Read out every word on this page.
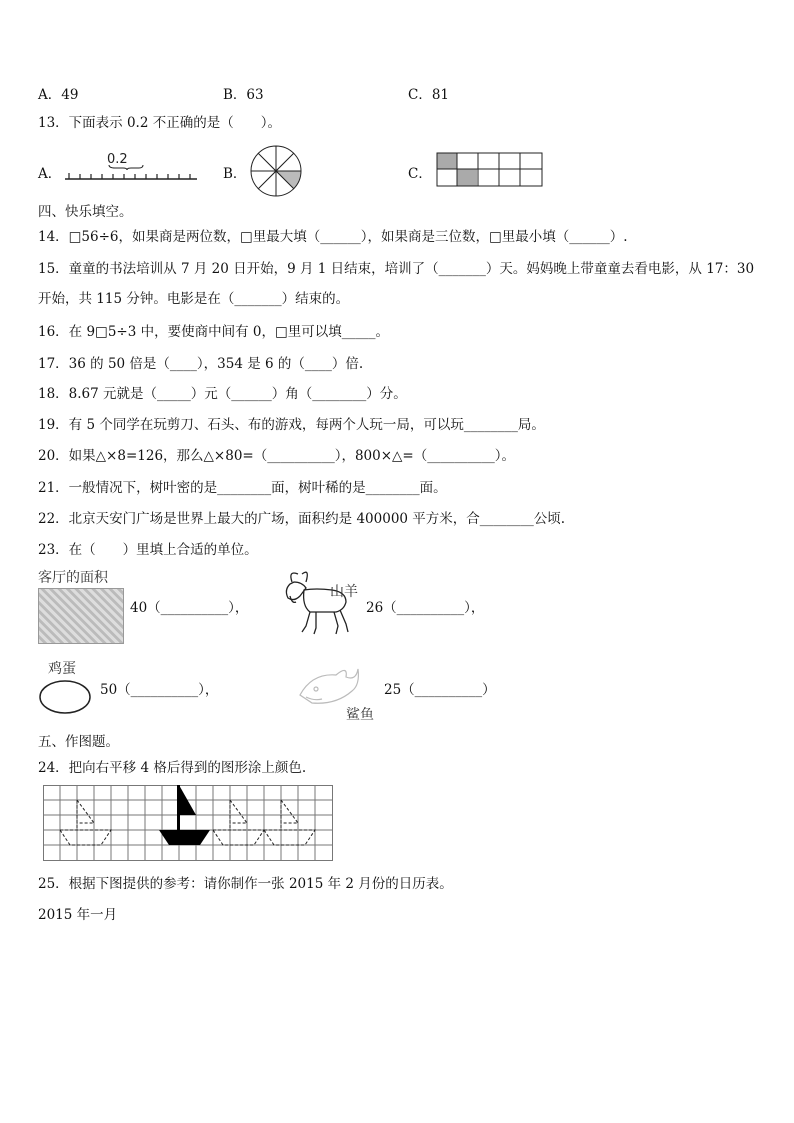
A．49	B．63	C．81
13．下面表示 0.2 不正确的是（　　）。
A．
0.2
B．	C．
四、快乐填空。
14．□56÷6，如果商是两位数，□里最大填（______），如果商是三位数，□里最小填（______）.
15．童童的书法培训从 7 月 20 日开始，9 月 1 日结束，培训了（_______）天。妈妈晚上带童童去看电影，从 17：30
开始，共 115 分钟。电影是在（_______）结束的。
16．在 9□5÷3 中，要使商中间有 0，□里可以填_____。
17．36 的 50 倍是（____），354 是 6 的（____）倍.
18．8.67 元就是（_____）元（______）角（________）分。
19．有 5 个同学在玩剪刀、石头、布的游戏，每两个人玩一局，可以玩________局。
20．如果△×8=126，那么△×80=（__________），800×△=（__________）。
21．一般情况下，树叶密的是________面，树叶稀的是________面。
22．北京天安门广场是世界上最大的广场，面积约是 400000 平方米，合________公顷.
23．在（　　）里填上合适的单位。
客厅的面积
40（__________），
山羊
26（__________），
鸡蛋
50（__________），
鲨鱼
25（__________）
五、作图题。
24．把向右平移 4 格后得到的图形涂上颜色.
25．根据下图提供的参考：请你制作一张 2015 年 2 月份的日历表。
2015 年一月
